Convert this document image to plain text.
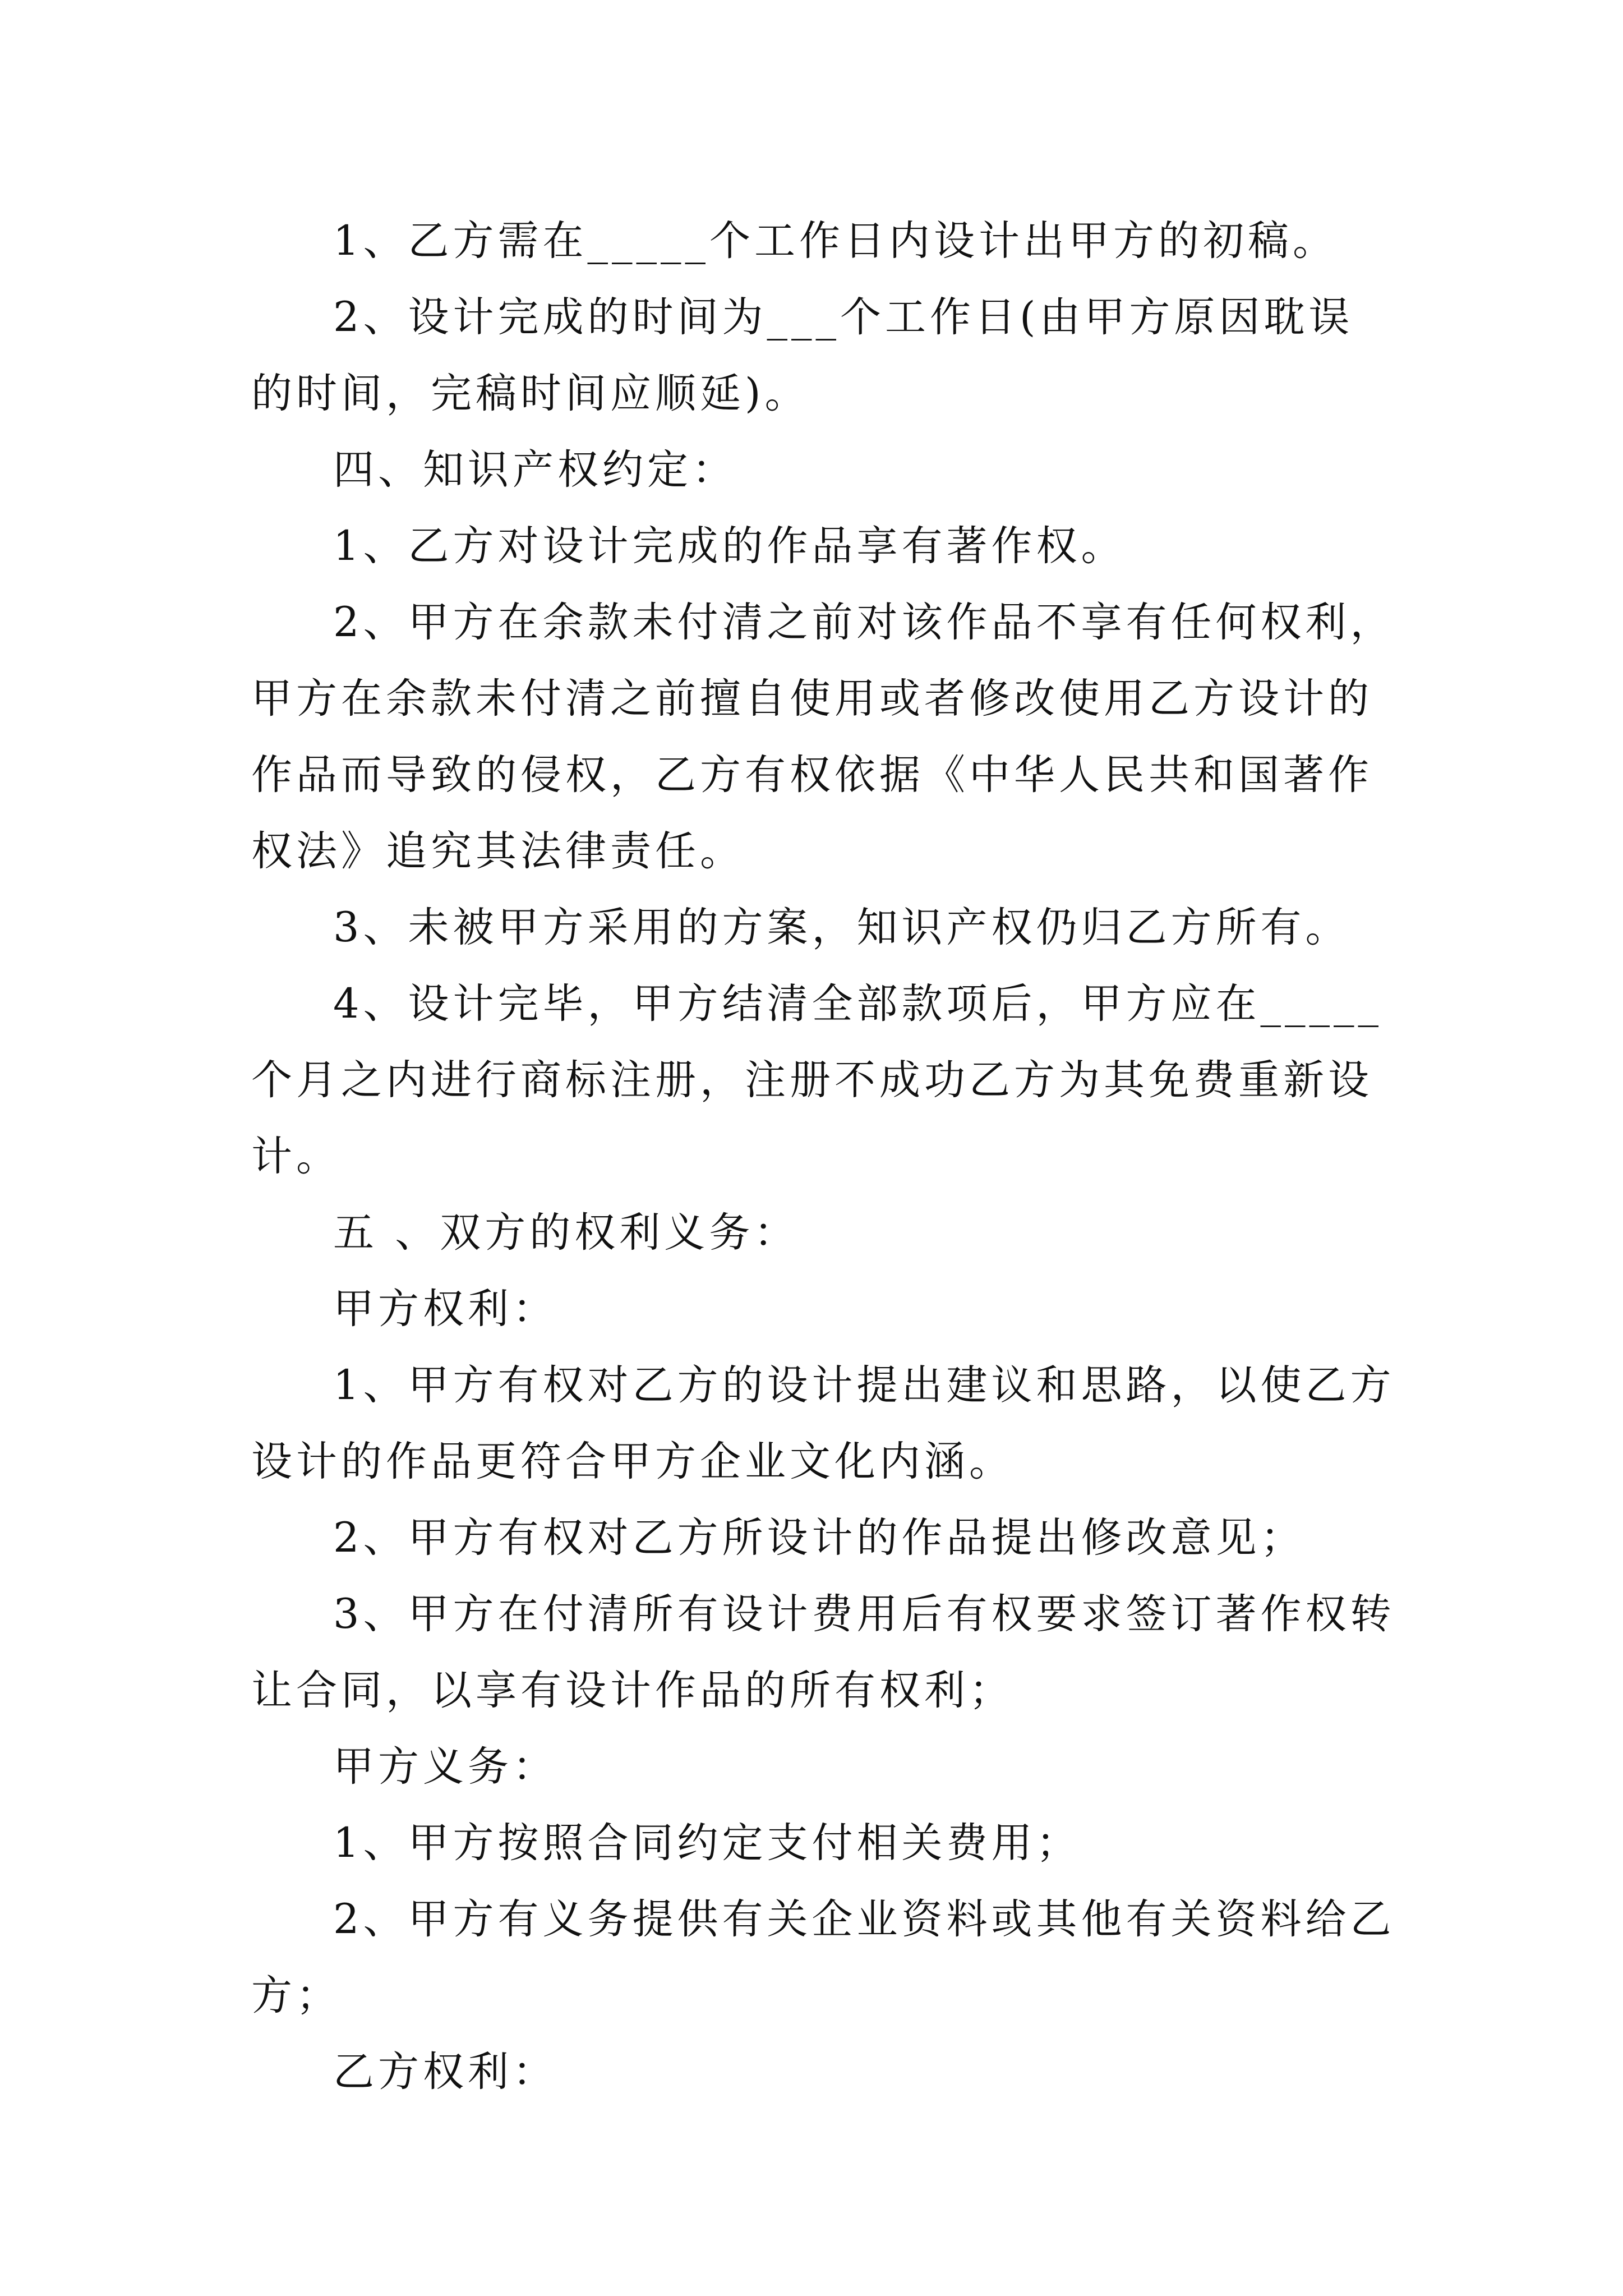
1、乙方需在_____个工作日内设计出甲方的初稿。

2、设计完成的时间为___个工作日(由甲方原因耽误的时间，完稿时间应顺延)。

四、知识产权约定：

1、乙方对设计完成的作品享有著作权。

2、甲方在余款未付清之前对该作品不享有任何权利，甲方在余款未付清之前擅自使用或者修改使用乙方设计的作品而导致的侵权，乙方有权依据《中华人民共和国著作权法》追究其法律责任。

3、未被甲方采用的方案，知识产权仍归乙方所有。

4、设计完毕，甲方结清全部款项后，甲方应在_____个月之内进行商标注册，注册不成功乙方为其免费重新设计。

五 、双方的权利义务：

甲方权利：

1、甲方有权对乙方的设计提出建议和思路，以使乙方设计的作品更符合甲方企业文化内涵。

2、甲方有权对乙方所设计的作品提出修改意见；

3、甲方在付清所有设计费用后有权要求签订著作权转让合同，以享有设计作品的所有权利；

甲方义务：

1、甲方按照合同约定支付相关费用；

2、甲方有义务提供有关企业资料或其他有关资料给乙方；

乙方权利：
